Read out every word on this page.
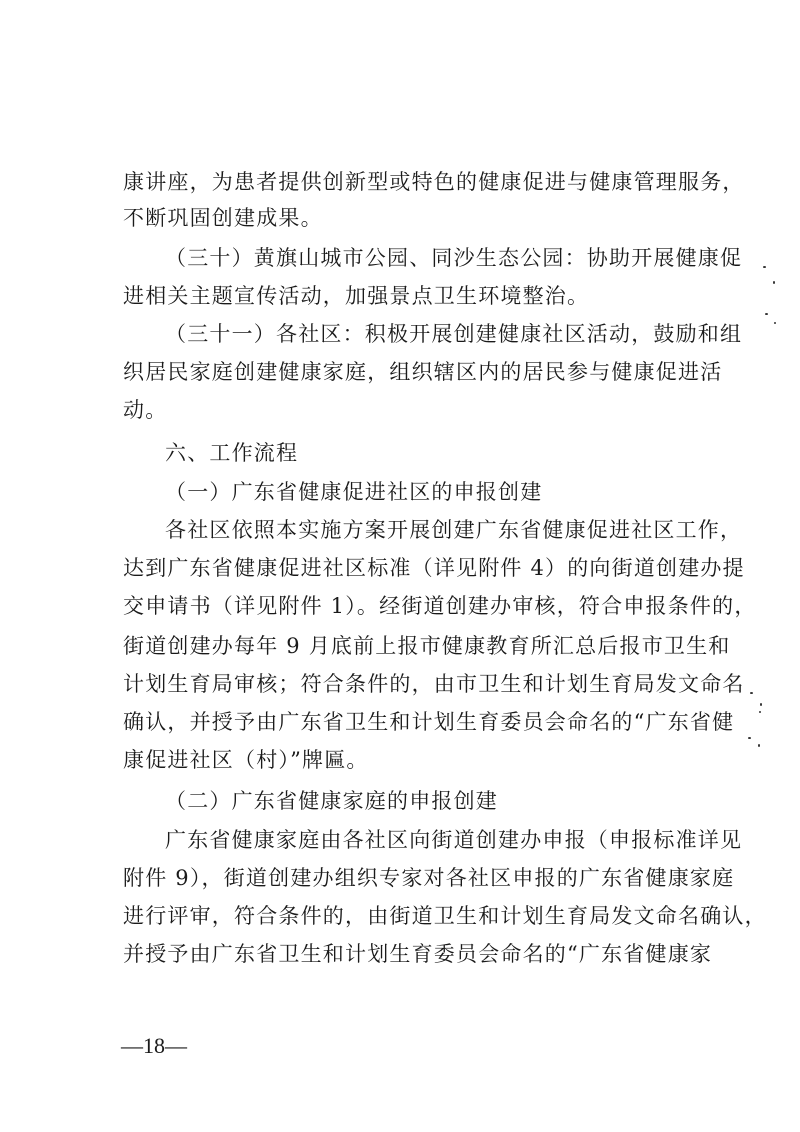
康讲座，为患者提供创新型或特色的健康促进与健康管理服务，
不断巩固创建成果。
（三十）黄旗山城市公园、同沙生态公园：协助开展健康促
进相关主题宣传活动，加强景点卫生环境整治。
（三十一）各社区：积极开展创建健康社区活动，鼓励和组
织居民家庭创建健康家庭，组织辖区内的居民参与健康促进活
动。
六、工作流程
（一）广东省健康促进社区的申报创建
各社区依照本实施方案开展创建广东省健康促进社区工作，
达到广东省健康促进社区标准（详见附件 4）的向街道创建办提
交申请书（详见附件 1）。经街道创建办审核，符合申报条件的，
街道创建办每年 9 月底前上报市健康教育所汇总后报市卫生和
计划生育局审核；符合条件的，由市卫生和计划生育局发文命名
确认，并授予由广东省卫生和计划生育委员会命名的“广东省健
康促进社区（村）”牌匾。
（二）广东省健康家庭的申报创建
广东省健康家庭由各社区向街道创建办申报（申报标准详见
附件 9），街道创建办组织专家对各社区申报的广东省健康家庭
进行评审，符合条件的，由街道卫生和计划生育局发文命名确认，
并授予由广东省卫生和计划生育委员会命名的“广东省健康家
—18—
